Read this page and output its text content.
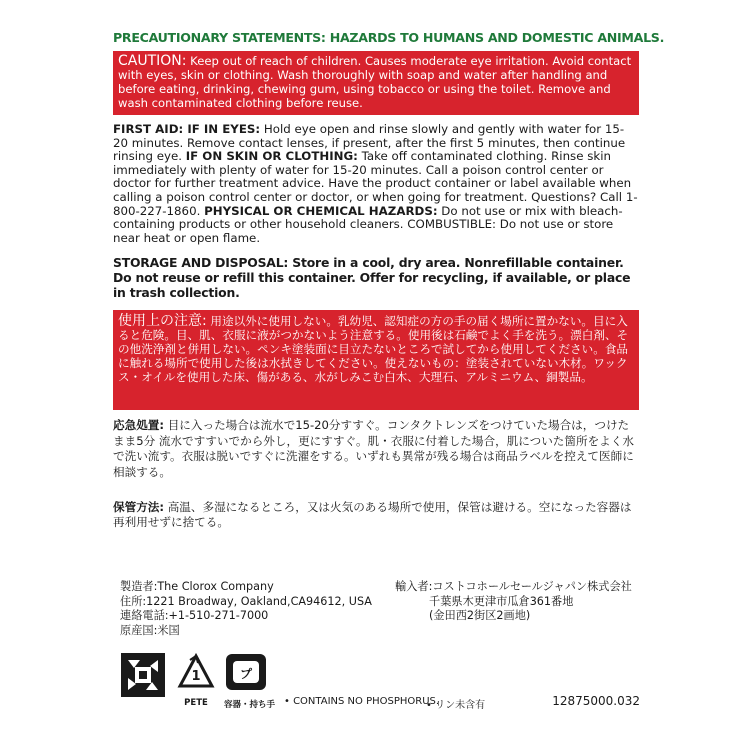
PRECAUTIONARY STATEMENTS: HAZARDS TO HUMANS AND DOMESTIC ANIMALS.
CAUTION: Keep out of reach of children. Causes moderate eye irritation. Avoid contact with eyes, skin or clothing. Wash thoroughly with soap and water after handling and before eating, drinking, chewing gum, using tobacco or using the toilet. Remove and wash contaminated clothing before reuse.
FIRST AID: IF IN EYES: Hold eye open and rinse slowly and gently with water for 15-20 minutes. Remove contact lenses, if present, after the first 5 minutes, then continue rinsing eye. IF ON SKIN OR CLOTHING: Take off contaminated clothing. Rinse skin immediately with plenty of water for 15-20 minutes. Call a poison control center or doctor for further treatment advice. Have the product container or label available when calling a poison control center or doctor, or when going for treatment. Questions? Call 1-800-227-1860. PHYSICAL OR CHEMICAL HAZARDS: Do not use or mix with bleach-containing products or other household cleaners. COMBUSTIBLE: Do not use or store near heat or open flame.
STORAGE AND DISPOSAL: Store in a cool, dry area. Nonrefillable container. Do not reuse or refill this container. Offer for recycling, if available, or place in trash collection.
使用上の注意: 用途以外に使用しない。乳幼児、認知症の方の手の届く場所に置かない。目に入ると危険。目、肌、衣服に液がつかないよう注意する。使用後は石鹸でよく手を洗う。漂白剤、その他洗浄剤と併用しない。ペンキ塗装面に目立たないところで試してから使用してください。食品に触れる場所で使用した後は水拭きしてください。使えないもの：塗装されていない木材。ワックス・オイルを使用した床、傷がある、水がしみこむ白木、大理石、アルミニウム、銅製品。
応急処置: 目に入った場合は流水で15-20分すすぐ。コンタクトレンズをつけていた場合は，つけたまま5分 流水ですすいでから外し，更にすすぐ。肌・衣服に付着した場合，肌についた箇所をよく水で洗い流す。衣服は脱いですぐに洗濯をする。いずれも異常が残る場合は商品ラベルを控えて医師に相談する。
保管方法: 高温、多湿になるところ，又は火気のある場所で使用，保管は避ける。空になった容器は再利用せずに捨てる。
製造者:The Clorox Company
住所:1221 Broadway, Oakland,CA94612, USA
連絡電話:+1-510-271-7000
原産国:米国
輸入者:コストコホールセールジャパン株式会社
千葉県木更津市瓜倉361番地
(金田西2街区2画地)
1
PETE
プ
容器・持ち手 • CONTAINS NO PHOSPHORUS.
• リン未含有	12875000.032
